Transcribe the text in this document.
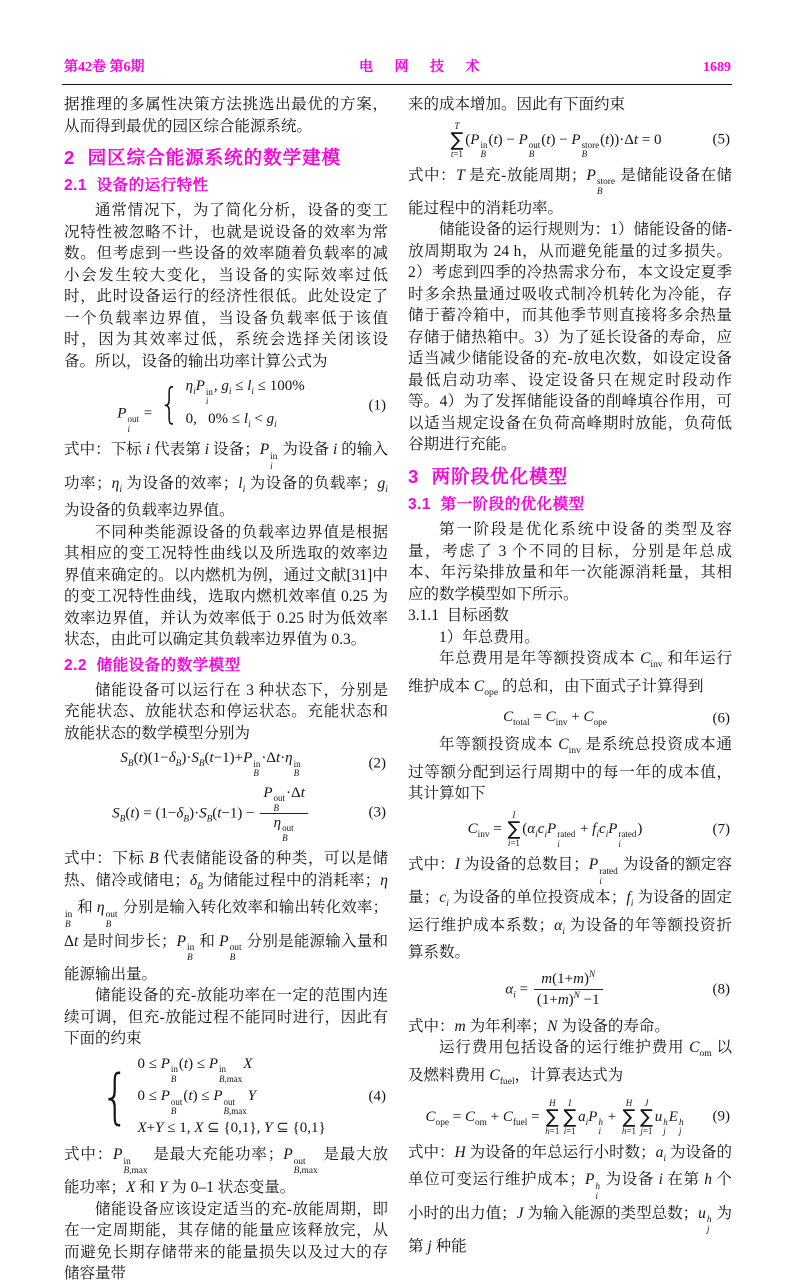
第42卷 第6期	电 网 技 术	1689
据推理的多属性决策方法挑选出最优的方案，从而得到最优的园区综合能源系统。
2  园区综合能源系统的数学建模
2.1  设备的运行特性
通常情况下，为了简化分析，设备的变工况特性被忽略不计，也就是说设备的效率为常数。但考虑到一些设备的效率随着负载率的减小会发生较大变化，当设备的实际效率过低时，此时设备运行的经济性很低。此处设定了一个负载率边界值，当设备负载率低于该值时，因为其效率过低，系统会选择关闭该设备。所以，设备的输出功率计算公式为
P out
i
= { $\eta_iP$ in
i
, $g_i \le l_i \le 100\%$
0,   $0\% \le l_i < g_i$
(1)
式中：下标 i 代表第 i 设备；P in
i
为设备 i 的输入功率；$\eta_i$ 为设备的效率；$l_i$ 为设备的负载率；$g_i$ 为设备的负载率边界值。
不同种类能源设备的负载率边界值是根据其相应的变工况特性曲线以及所选取的效率边界值来确定的。以内燃机为例，通过文献[31]中的变工况特性曲线，选取内燃机效率值 0.25 为效率边界值，并认为效率低于 0.25 时为低效率状态，由此可以确定其负载率边界值为 0.3。
2.2  储能设备的数学模型
储能设备可以运行在 3 种状态下，分别是充能状态、放能状态和停运状态。充能状态和放能状态的数学模型分别为
$S_B(t)(1-\delta_B)\cdot S_B(t-1)+P$ in
B
·Δt·η in
B
(2)
$S_B(t) = (1-\delta_B)\cdot S_B(t-1)$ −
P out
B
·Δt
η out
B
(3)
式中：下标 B 代表储能设备的种类，可以是储热、储冷或储电；$\delta_B$ 为储能过程中的消耗率；η
in
B
和 η out
B
分别是输入转化效率和输出转化效率；Δt 是时间步长；P in
B
和 P out
B
分别是能源输入量和能源输出量。
储能设备的充-放能功率在一定的范围内连续可调，但充-放能过程不能同时进行，因此有下面的约束
{ 0 ≤ P in
B
(t) ≤ P in
B,max
X
0 ≤ P out
B
(t) ≤ P out
B,max
Y
X+Y ≤ 1, X ⊆ {0,1}, Y ⊆ {0,1}
(4)
式中：P in
B,max
是最大充能功率；P out
B,max
是最大放能功率；X 和 Y 为 0–1 状态变量。
储能设备应该设定适当的充-放能周期，即在一定周期能，其存储的能量应该释放完，从而避免长期存储带来的能量损失以及过大的存储容量带
来的成本增加。因此有下面约束
T
∑
t=1
(P in
B
(t) − P out
B
(t) − P store
B
(t))·Δt = 0	(5)
式中：T 是充-放能周期；P store
B
是储能设备在储能过程中的消耗功率。
储能设备的运行规则为：1）储能设备的储-放周期取为 24 h，从而避免能量的过多损失。2）考虑到四季的冷热需求分布，本文设定夏季时多余热量通过吸收式制冷机转化为冷能，存储于蓄冷箱中，而其他季节则直接将多余热量存储于储热箱中。3）为了延长设备的寿命，应适当减少储能设备的充-放电次数，如设定设备最低启动功率、设定设备只在规定时段动作等。4）为了发挥储能设备的削峰填谷作用，可以适当规定设备在负荷高峰期时放能，负荷低谷期进行充能。
3  两阶段优化模型
3.1  第一阶段的优化模型
第一阶段是优化系统中设备的类型及容量，考虑了 3 个不同的目标，分别是年总成本、年污染排放量和年一次能源消耗量，其相应的数学模型如下所示。
3.1.1  目标函数
1）年总费用。
年总费用是年等额投资成本 $C_{inv}$ 和年运行维护成本 $C_{ope}$ 的总和，由下面式子计算得到
$C_{total} = C_{inv} + C_{ope}$	(6)
年等额投资成本 $C_{inv}$ 是系统总投资成本通过等额分配到运行周期中的每一年的成本值，其计算如下
$C_{inv}$ =
I
∑
i=1
($\alpha_ic_iP$ rated
i
+ $f_ic_iP$ rated
i
)	(7)
式中：I 为设备的总数目；P rated
i
为设备的额定容量；$c_i$ 为设备的单位投资成本；$f_i$ 为设备的固定运行维护成本系数；$\alpha_i$ 为设备的年等额投资折算系数。
$\alpha_i = \frac{m(1+m)^N}{(1+m)^N -1}$	(8)
式中：m 为年利率；N 为设备的寿命。
运行费用包括设备的运行维护费用 $C_{om}$ 以及燃料费用 $C_{fuel}$，计算表达式为
$C_{ope} = C_{om} + C_{fuel}$ =
H
∑
h=1
I
∑
i=1
$a_iP$ h
i
+
H
∑
h=1
J
∑
j=1
u h
j
E h
j
(9)
式中：H 为设备的年总运行小时数；$a_i$ 为设备的单位可变运行维护成本；P h
i
为设备 i 在第 h 个小时的出力值；J 为输入能源的类型总数；u h
j
为第 j 种能
